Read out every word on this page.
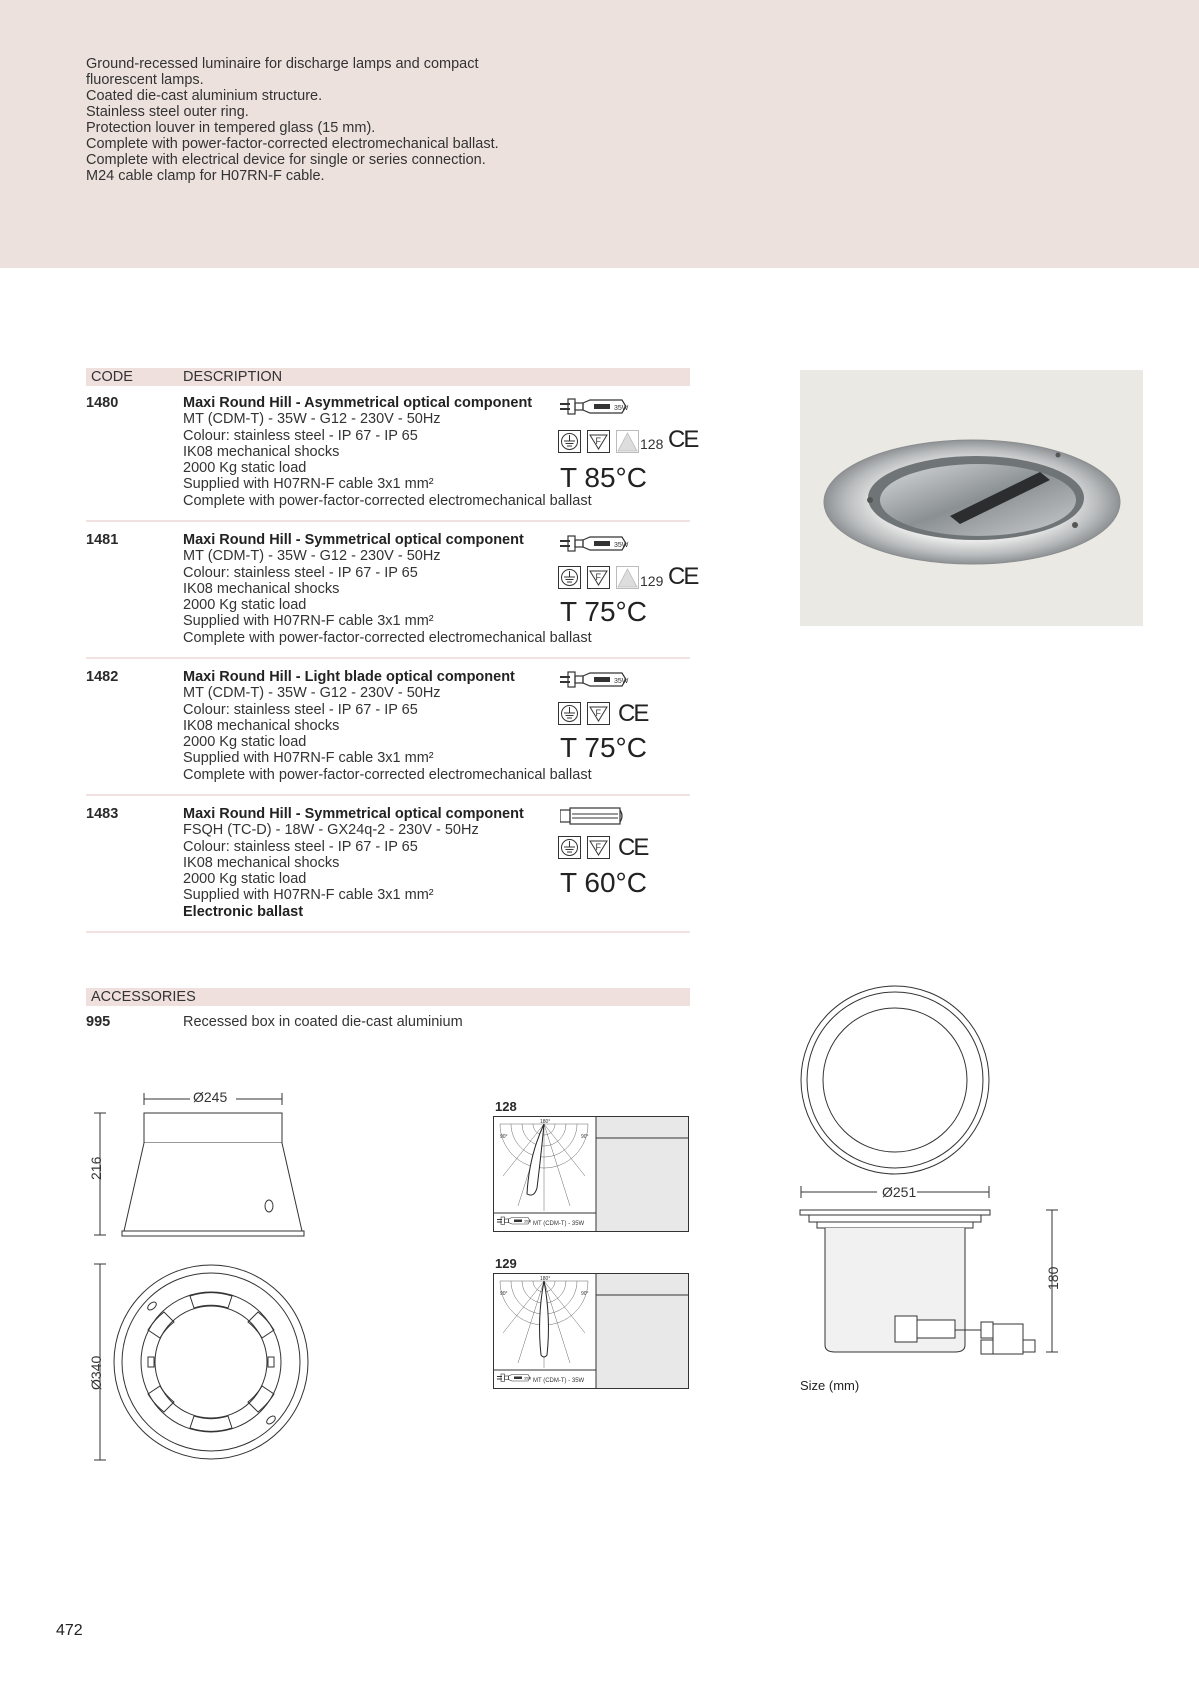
Ground-recessed luminaire for discharge lamps and compact
fluorescent lamps.
Coated die-cast aluminium structure.
Stainless steel outer ring.
Protection louver in tempered glass (15 mm).
Complete with power-factor-corrected electromechanical ballast.
Complete with electrical device for single or series connection.
M24 cable clamp for H07RN-F cable.
CODE	DESCRIPTION
1480	Maxi Round Hill - Asymmetrical optical component
MT (CDM-T) - 35W - G12 - 230V - 50Hz
Colour: stainless steel - IP 67 - IP 65
IK08 mechanical shocks
2000 Kg static load
Supplied with H07RN-F cable 3x1 mm²
Complete with power-factor-corrected electromechanical ballast
128 CE
T 85°C
1481	Maxi Round Hill - Symmetrical optical component
MT (CDM-T) - 35W - G12 - 230V - 50Hz
Colour: stainless steel - IP 67 - IP 65
IK08 mechanical shocks
2000 Kg static load
Supplied with H07RN-F cable 3x1 mm²
Complete with power-factor-corrected electromechanical ballast
129 CE
T 75°C
1482	Maxi Round Hill - Light blade optical component
MT (CDM-T) - 35W - G12 - 230V - 50Hz
Colour: stainless steel - IP 67 - IP 65
IK08 mechanical shocks
2000 Kg static load
Supplied with H07RN-F cable 3x1 mm²
Complete with power-factor-corrected electromechanical ballast
CE
T 75°C
1483	Maxi Round Hill - Symmetrical optical component
FSQH (TC-D) - 18W - GX24q-2 - 230V - 50Hz
Colour: stainless steel - IP 67 - IP 65
IK08 mechanical shocks
2000 Kg static load
Supplied with H07RN-F cable 3x1 mm²
Electronic ballast
CE
T 60°C
ACCESSORIES
995	Recessed box in coated die-cast aluminium
Ø245
216
Ø340
128
90°	90°
180°
MT (CDM-T) - 35W
129
90°	90°
180°
MT (CDM-T) - 35W
Ø251
180
Size (mm)
472
